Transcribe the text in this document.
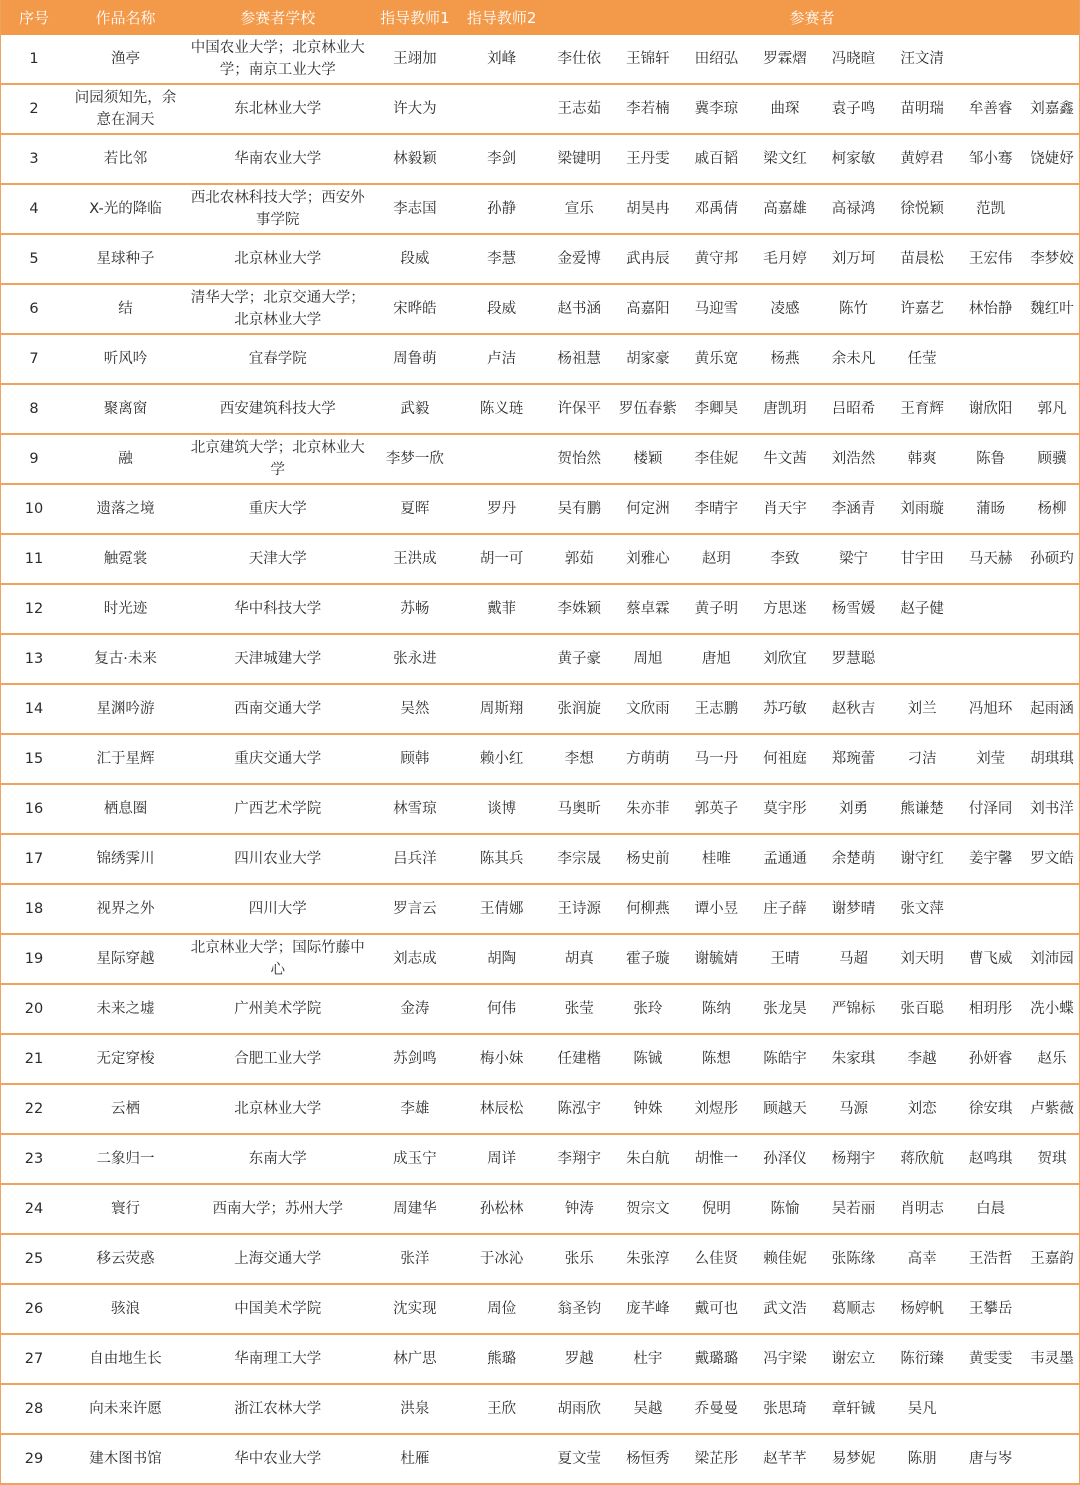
序号	作品名称	参赛者学校	指导教师1	指导教师2	参赛者							
1	渔亭	中国农业大学；北京林业大学；南京工业大学	王翊加	刘峰	李仕依	王锦轩	田绍弘	罗霖熠	冯晓暄	汪文清		
2	问园须知先，余意在洞天	东北林业大学	许大为		王志茹	李若楠	冀李琼	曲琛	袁子鸣	苗明瑞	牟善睿	刘嘉鑫
3	若比邻	华南农业大学	林毅颖	李剑	梁键明	王丹雯	戚百韬	梁文红	柯家敏	黄婷君	邹小骞	饶婕妤
4	X-光的降临	西北农林科技大学；西安外事学院	李志国	孙静	宣乐	胡昊冉	邓禹倩	高嘉雄	高禄鸿	徐悦颖	范凯	
5	星球种子	北京林业大学	段威	李慧	金爱博	武冉辰	黄守邦	毛月婷	刘万坷	苗晨松	王宏伟	李梦姣
6	结	清华大学；北京交通大学；北京林业大学	宋晔皓	段威	赵书涵	高嘉阳	马迎雪	凌感	陈竹	许嘉艺	林怡静	魏红叶
7	听风吟	宜春学院	周鲁萌	卢洁	杨祖慧	胡家豪	黄乐宽	杨燕	余未凡	任莹		
8	聚离窗	西安建筑科技大学	武毅	陈义琏	许保平	罗伍春紫	李卿昊	唐凯玥	吕昭希	王育辉	谢欣阳	郭凡
9	融	北京建筑大学；北京林业大学	李梦一欣		贺怡然	楼颖	李佳妮	牛文茜	刘浩然	韩爽	陈鲁	顾骥
10	遗落之境	重庆大学	夏晖	罗丹	吴有鹏	何定洲	李晴宇	肖天宇	李涵青	刘雨璇	蒲旸	杨柳
11	触霓裳	天津大学	王洪成	胡一可	郭茹	刘雅心	赵玥	李致	梁宁	甘宇田	马天赫	孙硕玓
12	时光迹	华中科技大学	苏畅	戴菲	李姝颖	蔡卓霖	黄子明	方思迷	杨雪媛	赵子健		
13	复古·未来	天津城建大学	张永进		黄子豪	周旭	唐旭	刘欣宜	罗慧聪			
14	星渊吟游	西南交通大学	吴然	周斯翔	张润旋	文欣雨	王志鹏	苏巧敏	赵秋吉	刘兰	冯旭环	起雨涵
15	汇于星辉	重庆交通大学	顾韩	赖小红	李想	方萌萌	马一丹	何祖庭	郑琬蕾	刁洁	刘莹	胡琪琪
16	栖息圈	广西艺术学院	林雪琼	谈博	马奥昕	朱亦菲	郭英子	莫宇彤	刘勇	熊谦楚	付泽同	刘书洋
17	锦绣霁川	四川农业大学	吕兵洋	陈其兵	李宗晟	杨史前	桂唯	孟通通	余楚萌	谢守红	姜宇馨	罗文皓
18	视界之外	四川大学	罗言云	王倩娜	王诗源	何柳燕	谭小昱	庄子薛	谢梦晴	张文萍		
19	星际穿越	北京林业大学；国际竹藤中心	刘志成	胡陶	胡真	霍子璇	谢毓婧	王晴	马超	刘天明	曹飞威	刘沛园
20	未来之墟	广州美术学院	金涛	何伟	张莹	张玲	陈纳	张龙昊	严锦标	张百聪	相玥彤	冼小蝶
21	无定穿梭	合肥工业大学	苏剑鸣	梅小妹	任建楷	陈铖	陈想	陈皓宇	朱家琪	李越	孙妍睿	赵乐
22	云栖	北京林业大学	李雄	林辰松	陈泓宇	钟姝	刘煜彤	顾越天	马源	刘恋	徐安琪	卢紫薇
23	二象归一	东南大学	成玉宁	周详	李翔宇	朱白航	胡惟一	孙泽仪	杨翔宇	蒋欣航	赵鸣琪	贺琪
24	寰行	西南大学；苏州大学	周建华	孙松林	钟涛	贺宗文	倪明	陈愉	吴若丽	肖明志	白晨	
25	移云荧惑	上海交通大学	张洋	于冰沁	张乐	朱张淳	么佳贤	赖佳妮	张陈缘	高幸	王浩哲	王嘉韵
26	骇浪	中国美术学院	沈实现	周俭	翁圣钧	庞芊峰	戴可也	武文浩	葛顺志	杨婷帆	王攀岳	
27	自由地生长	华南理工大学	林广思	熊璐	罗越	杜宇	戴璐璐	冯宇梁	谢宏立	陈衍臻	黄雯雯	韦灵墨
28	向未来许愿	浙江农林大学	洪泉	王欣	胡雨欣	吴越	乔曼曼	张思琦	章轩铖	吴凡		
29	建木图书馆	华中农业大学	杜雁		夏文莹	杨恒秀	梁芷彤	赵芊芊	易梦妮	陈朋	唐与岑	
